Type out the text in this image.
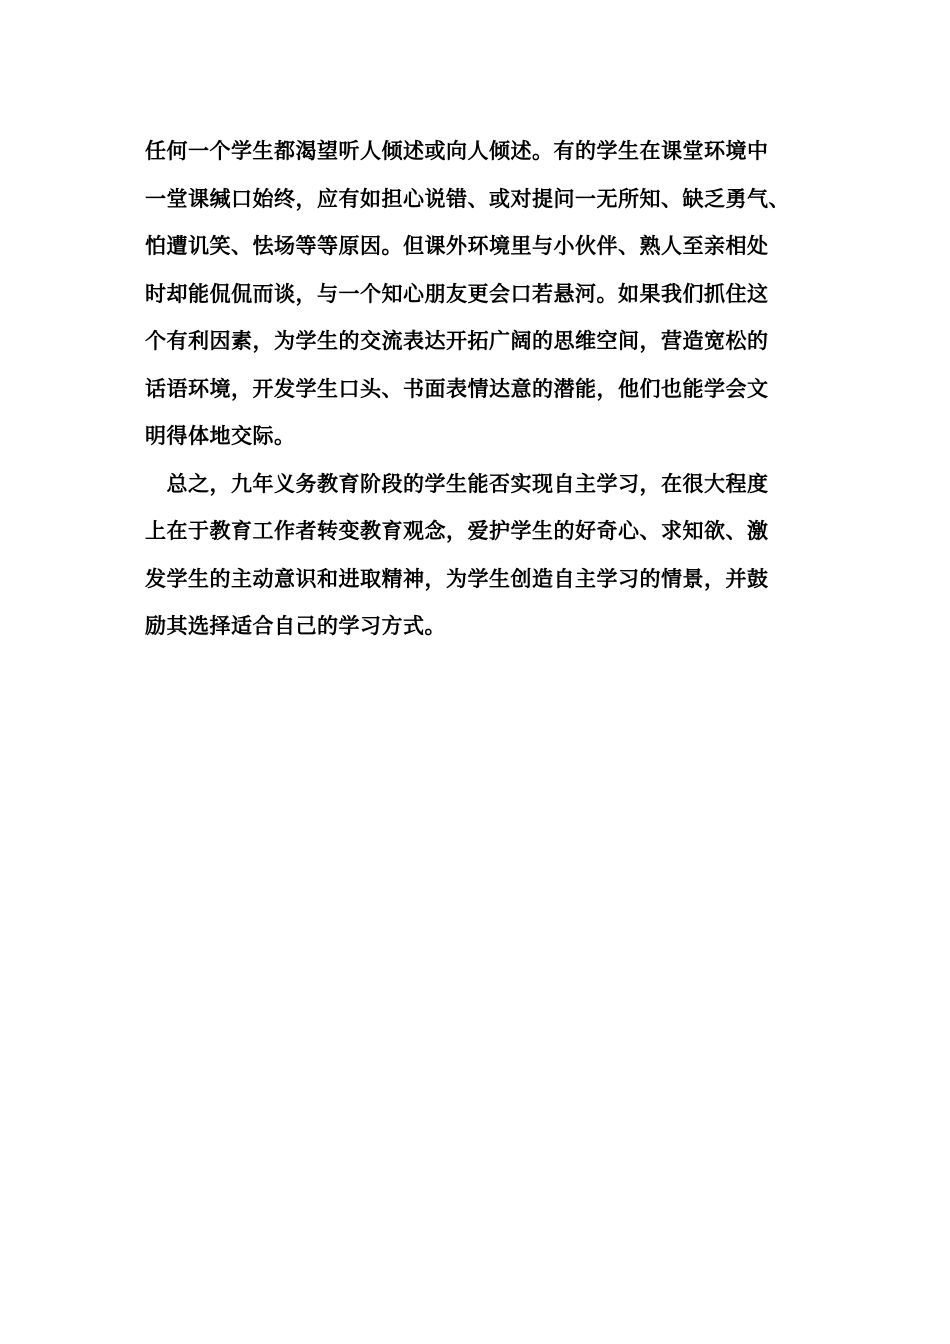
任何一个学生都渴望听人倾述或向人倾述。有的学生在课堂环境中
一堂课缄口始终，应有如担心说错、或对提问一无所知、缺乏勇气、
怕遭讥笑、怯场等等原因。但课外环境里与小伙伴、熟人至亲相处
时却能侃侃而谈，与一个知心朋友更会口若悬河。如果我们抓住这
个有利因素，为学生的交流表达开拓广阔的思维空间，营造宽松的
话语环境，开发学生口头、书面表情达意的潜能，他们也能学会文
明得体地交际。
　总之，九年义务教育阶段的学生能否实现自主学习，在很大程度
上在于教育工作者转变教育观念，爱护学生的好奇心、求知欲、激
发学生的主动意识和进取精神，为学生创造自主学习的情景，并鼓
励其选择适合自己的学习方式。
